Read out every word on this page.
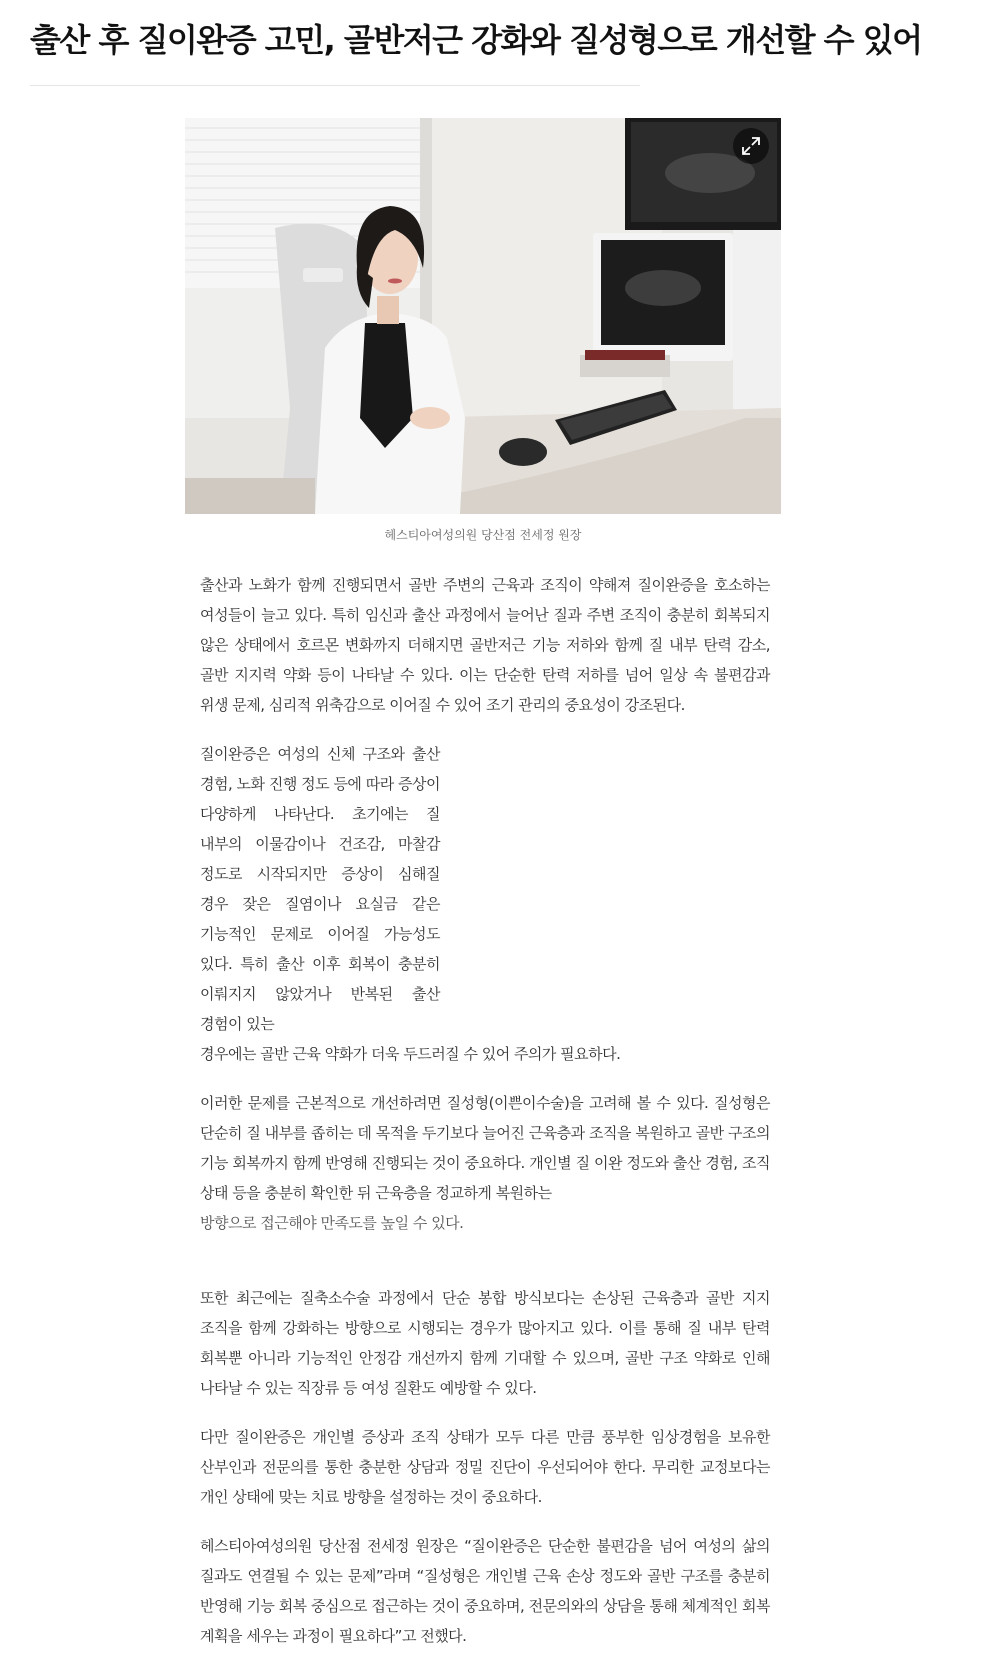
출산 후 질이완증 고민, 골반저근 강화와 질성형으로 개선할 수 있어
헤스티아여성의원 당산점 전세정 원장

출산과 노화가 함께 진행되면서 골반 주변의 근육과 조직이 약해져 질이완증을 호소하는 여성들이 늘고 있다. 특히 임신과 출산 과정에서 늘어난 질과 주변 조직이 충분히 회복되지 않은 상태에서 호르몬 변화까지 더해지면 골반저근 기능 저하와 함께 질 내부 탄력 감소, 골반 지지력 약화 등이 나타날 수 있다. 이는 단순한 탄력 저하를 넘어 일상 속 불편감과 위생 문제, 심리적 위축감으로 이어질 수 있어 조기 관리의 중요성이 강조된다.

질이완증은 여성의 신체 구조와 출산 경험, 노화 진행 정도 등에 따라 증상이 다양하게 나타난다. 초기에는 질 내부의 이물감이나 건조감, 마찰감 정도로 시작되지만 증상이 심해질 경우 잦은 질염이나 요실금 같은 기능적인 문제로 이어질 가능성도 있다. 특히 출산 이후 회복이 충분히 이뤄지지 않았거나 반복된 출산 경험이 있는

경우에는 골반 근육 약화가 더욱 두드러질 수 있어 주의가 필요하다.

이러한 문제를 근본적으로 개선하려면 질성형(이쁜이수술)을 고려해 볼 수 있다. 질성형은 단순히 질 내부를 좁히는 데 목적을 두기보다 늘어진 근육층과 조직을 복원하고 골반 구조의 기능 회복까지 함께 반영해 진행되는 것이 중요하다. 개인별 질 이완 정도와 출산 경험, 조직 상태 등을 충분히 확인한 뒤 근육층을 정교하게 복원하는

방향으로 접근해야 만족도를 높일 수 있다.

또한 최근에는 질축소수술 과정에서 단순 봉합 방식보다는 손상된 근육층과 골반 지지 조직을 함께 강화하는 방향으로 시행되는 경우가 많아지고 있다. 이를 통해 질 내부 탄력 회복뿐 아니라 기능적인 안정감 개선까지 함께 기대할 수 있으며, 골반 구조 약화로 인해 나타날 수 있는 직장류 등 여성 질환도 예방할 수 있다.

다만 질이완증은 개인별 증상과 조직 상태가 모두 다른 만큼 풍부한 임상경험을 보유한 산부인과 전문의를 통한 충분한 상담과 정밀 진단이 우선되어야 한다. 무리한 교정보다는 개인 상태에 맞는 치료 방향을 설정하는 것이 중요하다.

헤스티아여성의원 당산점 전세정 원장은 “질이완증은 단순한 불편감을 넘어 여성의 삶의 질과도 연결될 수 있는 문제”라며 “질성형은 개인별 근육 손상 정도와 골반 구조를 충분히 반영해 기능 회복 중심으로 접근하는 것이 중요하며, 전문의와의 상담을 통해 체계적인 회복 계획을 세우는 과정이 필요하다”고 전했다.
